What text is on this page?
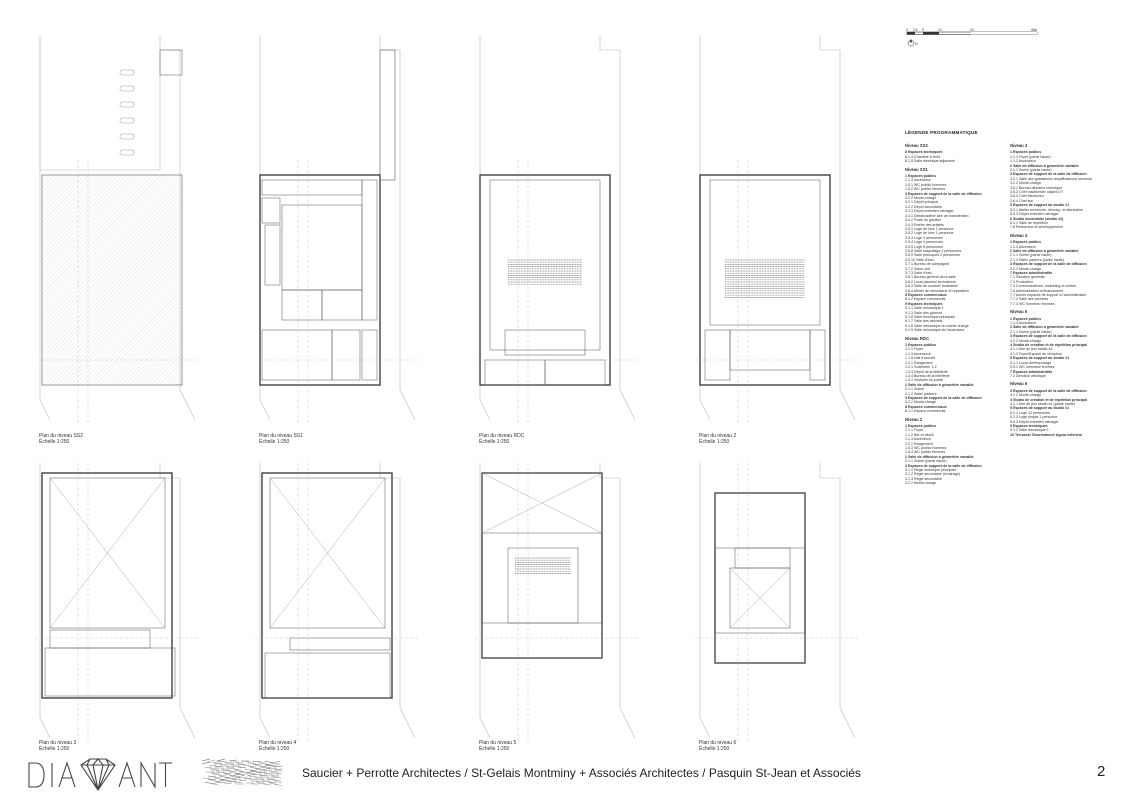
Plan du niveau SS2
Échelle 1:250
Plan du niveau SS1
Échelle 1:250
Plan du niveau RDC
Échelle 1:250
Plan du niveau 2
Échelle 1:250
Plan du niveau 3
Échelle 1:250
Plan du niveau 4
Échelle 1:250
Plan du niveau 5
Échelle 1:250
Plan du niveau 6
Échelle 1:250
0 2.5 5	10	20	40m
N
LÉGENDE PROGRAMMATIQUE
Niveau SS2
8 Espaces techniques
8.1.4 Chambre à froid
8.1.5 Salle électrique adjacente
Niveau SS1
1 Espaces publics
1.1.3 Ascenseur
1.5.1 WC public/ hommes
1.5.2 WC public/ femmes
3 Espaces de support de la salle de diffusion
3.2.2 Monte-charge
3.2.1 Dépôt principal
3.2.2 Dépôt secondaire
3.2.3 Dépôt entretien ménager
3.4.1 Débarcadère/ aire de manutention
3.4.2 Poste du gardien
3.4.3 Entrée des artistes
3.5.1 Loge de luxe 1 personne
3.5.2 Loge de luxe 1 personne
3.5.3 Loge 4 personnes
3.5.4 Loge 4 personnes
3.5.5 Loge 6 personnes
3.5.8 Salle maquillage 2 personnes
3.5.9 Salle perruques 2 personnes
3.5.10 Salle d'eau
3.7.1 Bureau de compagnie
3.7.2 Salon vert
3.7.3 Salle d'eau
3.8.1 Bureau général de la salle
3.8.2 Local placiers/ techniciens
3.8.3 Salle de couture/ buanderie
3.8.4 Atelier de menuiserie et réparation
8 Espaces commerciaux
8.1.2 Espace commercial
9 Espaces techniques
9.1.1 Salle mécanique 1
9.1.3 Salle des gicleurs
9.1.6 Salle électrique principale
9.1.7 Salle des déchets
9.1.8 Salle mécanique du monte-charge
9.1.9 Salle mécanique de l'ascenseur
Niveau RDC
1 Espaces publics
1.1.1 Foyer
1.1.3 Ascenseur
1.1.5 Hall d'accueil
1.2.1 Rangement
1.2.1 Guichetier 1-2
1.3.3 Dépôt de la billetterie
1.3.4 Bureau de la billetterie
1.4.1 Vestiaire du public
2 Salle de diffusion à géométrie variable
2.1.1 Scène
2.1.2 Salle/ parterre
3 Espaces de support de la salle de diffusion
3.2.2 Monte-charge
8 Espaces commerciaux
8.1.1 Espace commercial
Niveau 2
1 Espaces publics
1.1.1 Foyer
1.1.2 Bar et dépôt
1.1.3 Ascenseur
1.2.1 Rangement
1.5.3 WC public/ hommes
1.5.4 WC public/ femmes
2 Salle de diffusion à géométrie variable
2.1.1 Scène (partie haute)
3 Espaces de support de la salle de diffusion
3.1.1 Régie technique principale
3.1.2 Régie secondaire (éclairage)
3.1.3 Régie secondaire
3.2.2 Monte-charge
Niveau 3
1 Espaces publics
1.1.1 Foyer (partie haute)
1.1.3 Ascenseur
2 Salle de diffusion à géométrie variable
2.1.1 Scène (partie haute)
3 Espaces de support de la salle de diffusion
3.2.1 Salle des gradateurs/ amplificateurs/ serveurs
3.2.2 Monte-charge
3.6.1 Bureau directeur technique
3.6.2 Chef machiniste/ adjoint DT
3.6.3 Chef électricien
3.6.4 Chef son
5 Espaces de support au studio #1
5.3.1 Atelier recherche, dévelop. et fabrication
5.5.3 Dépôt entretien ménager
6 Studio secondaire (studio #2)
6.1.1 Salle de répétition
7.6 Recherche et développement
Niveau 4
1 Espaces publics
1.1.3 Ascenseur
2 Salle de diffusion à géométrie variable
2.1.1 Scène (partie haute)
2.1.2 Salle/ parterre (partie haute)
3 Espaces de support de la salle de diffusion
3.2.2 Monte-charge
7 Espaces administratifs
7.1 Direction générale
7.3 Production
7.4 Communications, marketing et ventes
7.6 Administration et financement
7.7 Autres espaces de support à l'administration
7.7.2 Salle des archives
7.7.3 WC hommes/ femmes
Niveau 5
1 Espaces publics
1.1.3 Ascenseur
2 Salle de diffusion à géométrie variable
2.1.1 Scène (partie haute)
3 Espaces de support de la salle de diffusion
3.2.2 Monte-charge
4 Studio de création et de répétition principal
4.1.1 Aire de jeu/ studio #1
4.1.2 Foyer/Espace de réception
5 Espaces de support au studio #1
5.1.1 Local d'entreposage
5.5.1 WC hommes/ femmes
7 Espaces administratifs
7.2 Direction artistique
Niveau 6
3 Espaces de support de la salle de diffusion
3.2.2 Monte-charge
4 Studio de création et de répétition principal
4.1.1 Aire de jeu/ studio #1 (partie haute)
5 Espaces de support au studio #1
5.2.1 Loge 12 personnes
5.2.2 Loge simple 1 personne
5.5.3 Dépôt entretien ménager
9 Espaces techniques
9.1.2 Salle mécanique 2
10 Terrasse/ Observatoire/ Agora extérieur
Saucier + Perrotte Architectes / St-Gelais Montminy + Associés Architectes / Pasquin St-Jean et Associés	2
